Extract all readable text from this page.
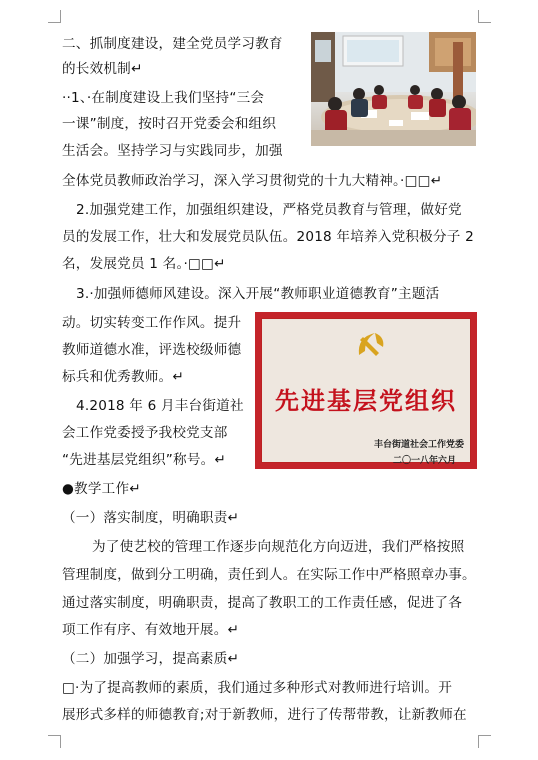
二、抓制度建设，建全党员学习教育
的长效机制↵
··1、·在制度建设上我们坚持“三会
一课”制度，按时召开党委会和组织
生活会。坚持学习与实践同步，加强
全体党员教师政治学习，深入学习贯彻党的十九大精神。·□□↵
2.加强党建工作，加强组织建设，严格党员教育与管理，做好党
员的发展工作，壮大和发展党员队伍。2018 年培养入党积极分子 2
名，发展党员 1 名。·□□↵
3.·加强师德师风建设。深入开展“教师职业道德教育”主题活
动。切实转变工作作风。提升
教师道德水准，评选校级师德
标兵和优秀教师。↵
4.2018 年 6 月丰台街道社
会工作党委授予我校党支部
“先进基层党组织”称号。↵
●教学工作↵
（一）落实制度，明确职责↵
为了使艺校的管理工作逐步向规范化方向迈进，我们严格按照
管理制度，做到分工明确，责任到人。在实际工作中严格照章办事。
通过落实制度，明确职责，提高了教职工的工作责任感，促进了各
项工作有序、有效地开展。↵
（二）加强学习，提高素质↵
□·为了提高教师的素质，我们通过多种形式对教师进行培训。开
展形式多样的师德教育;对于新教师，进行了传帮带教，让新教师在
先进基层党组织
丰台街道社会工作党委
二〇一八年六月
